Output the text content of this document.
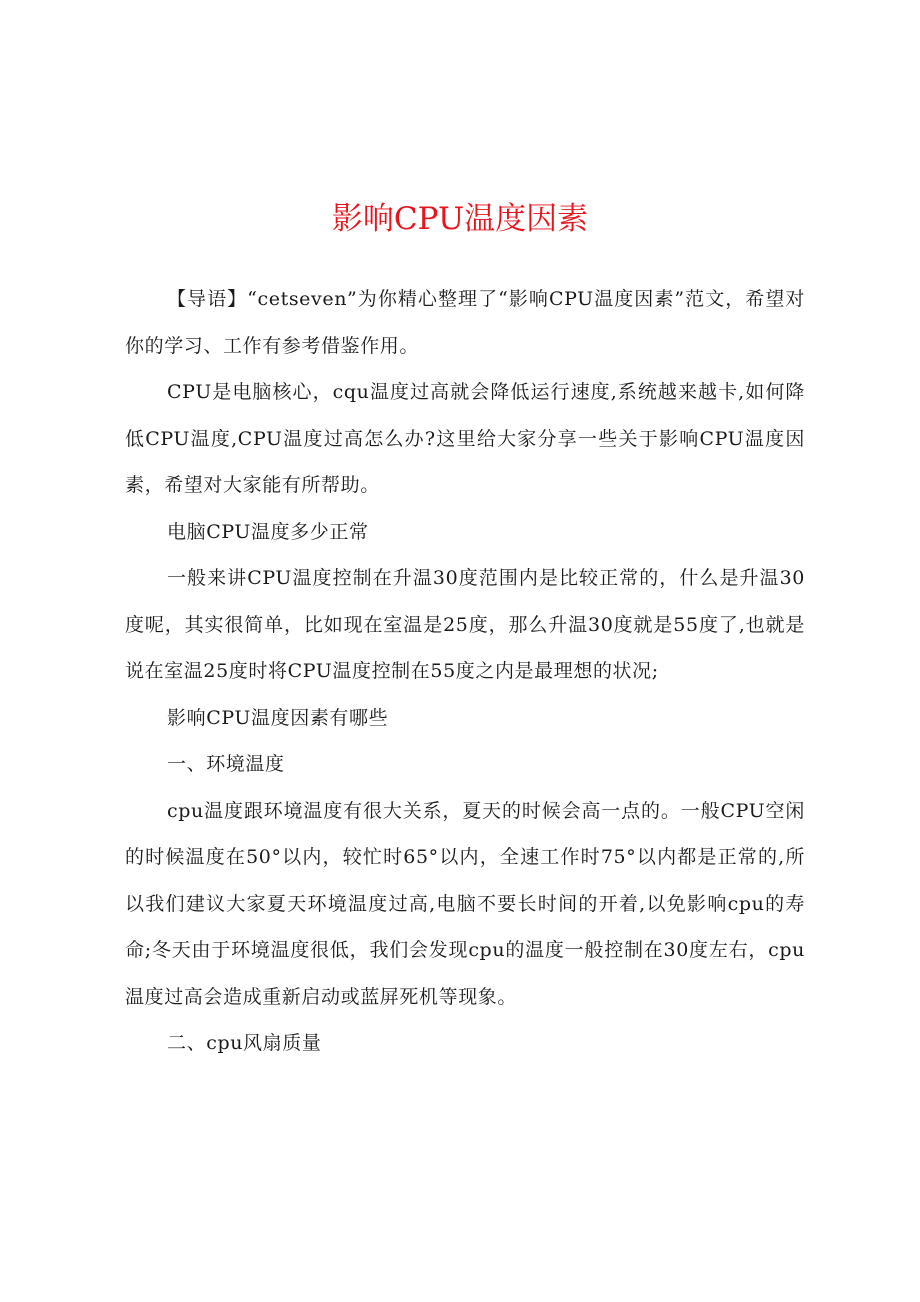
影响CPU温度因素

【导语】“cetseven”为你精心整理了“影响CPU温度因素”范文，希望对你的学习、工作有参考借鉴作用。

CPU是电脑核心，cqu温度过高就会降低运行速度,系统越来越卡,如何降低CPU温度,CPU温度过高怎么办?这里给大家分享一些关于影响CPU温度因素，希望对大家能有所帮助。

电脑CPU温度多少正常

一般来讲CPU温度控制在升温30度范围内是比较正常的，什么是升温30度呢，其实很简单，比如现在室温是25度，那么升温30度就是55度了,也就是说在室温25度时将CPU温度控制在55度之内是最理想的状况;

影响CPU温度因素有哪些

一、环境温度

cpu温度跟环境温度有很大关系，夏天的时候会高一点的。一般CPU空闲的时候温度在50°以内，较忙时65°以内，全速工作时75°以内都是正常的,所以我们建议大家夏天环境温度过高,电脑不要长时间的开着,以免影响cpu的寿命;冬天由于环境温度很低，我们会发现cpu的温度一般控制在30度左右，cpu温度过高会造成重新启动或蓝屏死机等现象。

二、cpu风扇质量
